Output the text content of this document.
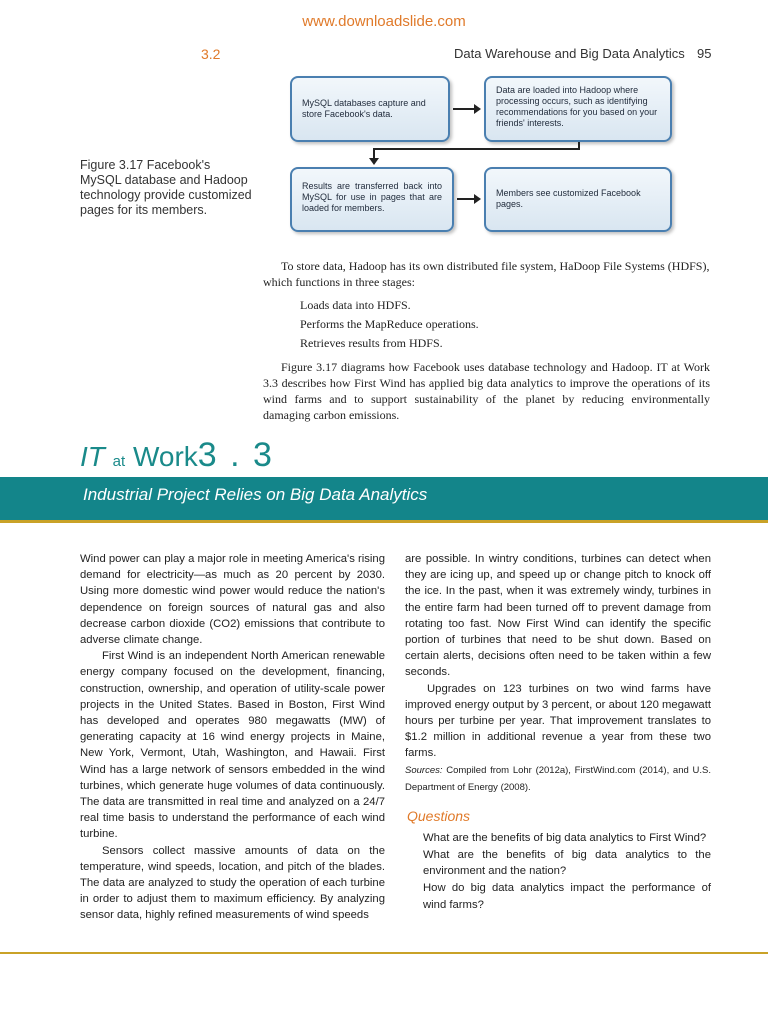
www.downloadslide.com
3.2	Data Warehouse and Big Data Analytics 95
Figure 3.17 Facebook's MySQL database and Hadoop technology provide customized pages for its members.
MySQL databases capture and store Facebook's data.
Data are loaded into Hadoop where processing occurs, such as identifying recommendations for you based on your friends' interests.
Results are transferred back into MySQL for use in pages that are loaded for members.
Members see customized Facebook pages.
To store data, Hadoop has its own distributed file system, HaDoop File Systems (HDFS), which functions in three stages:
Loads data into HDFS.
Performs the MapReduce operations.
Retrieves results from HDFS.
Figure 3.17 diagrams how Facebook uses database technology and Hadoop. IT at Work 3.3 describes how First Wind has applied big data analytics to improve the operations of its wind farms and to support sustainability of the planet by reducing environmentally damaging carbon emissions.
IT at Work3 . 3
Industrial Project Relies on Big Data Analytics

Wind power can play a major role in meeting America's rising demand for electricity—as much as 20 percent by 2030. Using more domestic wind power would reduce the nation's dependence on foreign sources of natural gas and also decrease carbon dioxide (CO2) emissions that contribute to adverse climate change.

First Wind is an independent North American renewable energy company focused on the development, financing, construction, ownership, and operation of utility-scale power projects in the United States. Based in Boston, First Wind has developed and operates 980 megawatts (MW) of generating capacity at 16 wind energy projects in Maine, New York, Vermont, Utah, Washington, and Hawaii. First Wind has a large network of sensors embedded in the wind turbines, which generate huge volumes of data continuously. The data are transmitted in real time and analyzed on a 24/7 real time basis to understand the performance of each wind turbine.

Sensors collect massive amounts of data on the temperature, wind speeds, location, and pitch of the blades. The data are analyzed to study the operation of each turbine in order to adjust them to maximum efficiency. By analyzing sensor data, highly refined measurements of wind speeds

are possible. In wintry conditions, turbines can detect when they are icing up, and speed up or change pitch to knock off the ice. In the past, when it was extremely windy, turbines in the entire farm had been turned off to prevent damage from rotating too fast. Now First Wind can identify the specific portion of turbines that need to be shut down. Based on certain alerts, decisions often need to be taken within a few seconds.

Upgrades on 123 turbines on two wind farms have improved energy output by 3 percent, or about 120 megawatt hours per turbine per year. That improvement translates to $1.2 million in additional revenue a year from these two farms.

Sources: Compiled from Lohr (2012a), FirstWind.com (2014), and U.S. Department of Energy (2008).

Questions
What are the benefits of big data analytics to First Wind?
What are the benefits of big data analytics to the environment and the nation?
How do big data analytics impact the performance of wind farms?
